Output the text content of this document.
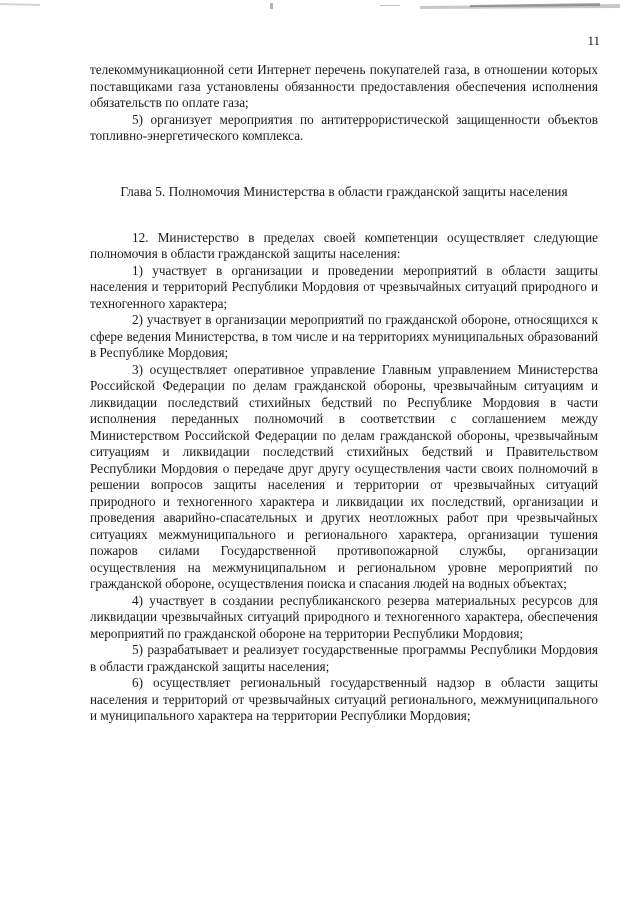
11

телекоммуникационной сети Интернет перечень покупателей газа, в отношении которых поставщиками газа установлены обязанности предоставления обеспечения исполнения обязательств по оплате газа;

5) организует мероприятия по антитеррористической защищенности объектов топливно-энергетического комплекса.

Глава 5. Полномочия Министерства в области гражданской защиты населения

12. Министерство в пределах своей компетенции осуществляет следующие полномочия в области гражданской защиты населения:

1) участвует в организации и проведении мероприятий в области защиты населения и территорий Республики Мордовия от чрезвычайных ситуаций природного и техногенного характера;

2) участвует в организации мероприятий по гражданской обороне, относящихся к сфере ведения Министерства, в том числе и на территориях муниципальных образований в Республике Мордовия;

3) осуществляет оперативное управление Главным управлением Министерства Российской Федерации по делам гражданской обороны, чрезвычайным ситуациям и ликвидации последствий стихийных бедствий по Республике Мордовия в части исполнения переданных полномочий в соответствии с соглашением между Министерством Российской Федерации по делам гражданской обороны, чрезвычайным ситуациям и ликвидации последствий стихийных бедствий и Правительством Республики Мордовия о передаче друг другу осуществления части своих полномочий в решении вопросов защиты населения и территории от чрезвычайных ситуаций природного и техногенного характера и ликвидации их последствий, организации и проведения аварийно-спасательных и других неотложных работ при чрезвычайных ситуациях межмуниципального и регионального характера, организации тушения пожаров силами Государственной противопожарной службы, организации осуществления на межмуниципальном и региональном уровне мероприятий по гражданской обороне, осуществления поиска и спасания людей на водных объектах;

4) участвует в создании республиканского резерва материальных ресурсов для ликвидации чрезвычайных ситуаций природного и техногенного характера, обеспечения мероприятий по гражданской обороне на территории Республики Мордовия;

5) разрабатывает и реализует государственные программы Республики Мордовия в области гражданской защиты населения;

6) осуществляет региональный государственный надзор в области защиты населения и территорий от чрезвычайных ситуаций регионального, межмуниципального и муниципального характера на территории Республики Мордовия;
